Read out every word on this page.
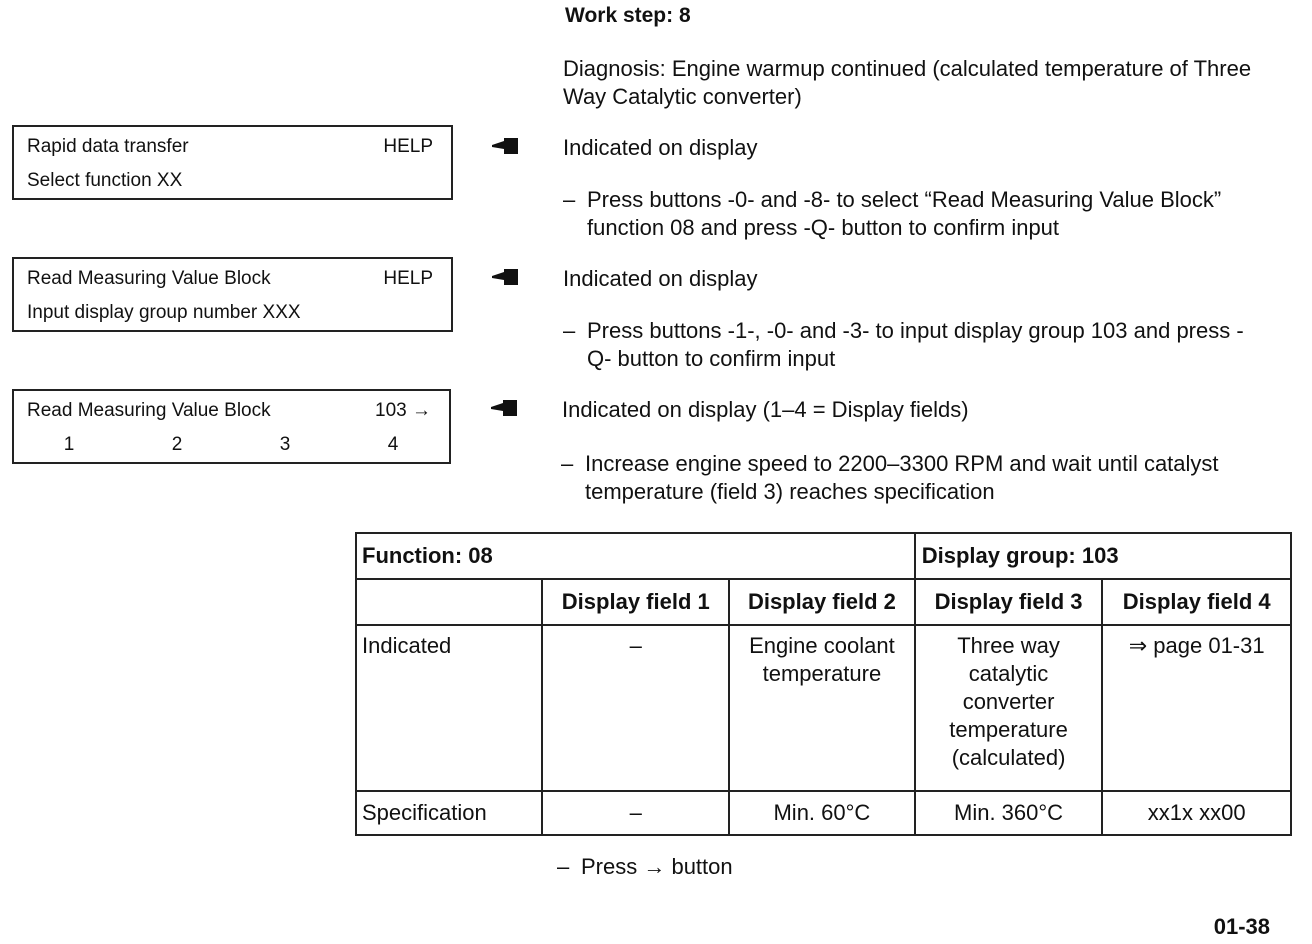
Work step: 8
Diagnosis: Engine warmup continued (calculated temperature of Three Way Catalytic converter)
Rapid data transfer	HELP
Select function XX
Read Measuring Value Block	HELP
Input display group number XXX
Read Measuring Value Block	103 →
1	2	3	4
Indicated on display
– Press buttons -0- and -8- to select “Read Measuring Value Block” function 08 and press -Q- button to confirm input
Indicated on display
– Press buttons -1-, -0- and -3- to input display group 103 and press -Q- button to confirm input
Indicated on display (1–4 = Display fields)
– Increase engine speed to 2200–3300 RPM and wait until catalyst temperature (field 3) reaches specification
Function: 08			Display group: 103	
	Display field 1	Display field 2	Display field 3	Display field 4
Indicated	–	Engine coolant temperature	Three way catalytic converter temperature (calculated)	⇒ page 01-31
Specification	–	Min. 60°C	Min. 360°C	xx1x xx00
– Press → button
01-38
